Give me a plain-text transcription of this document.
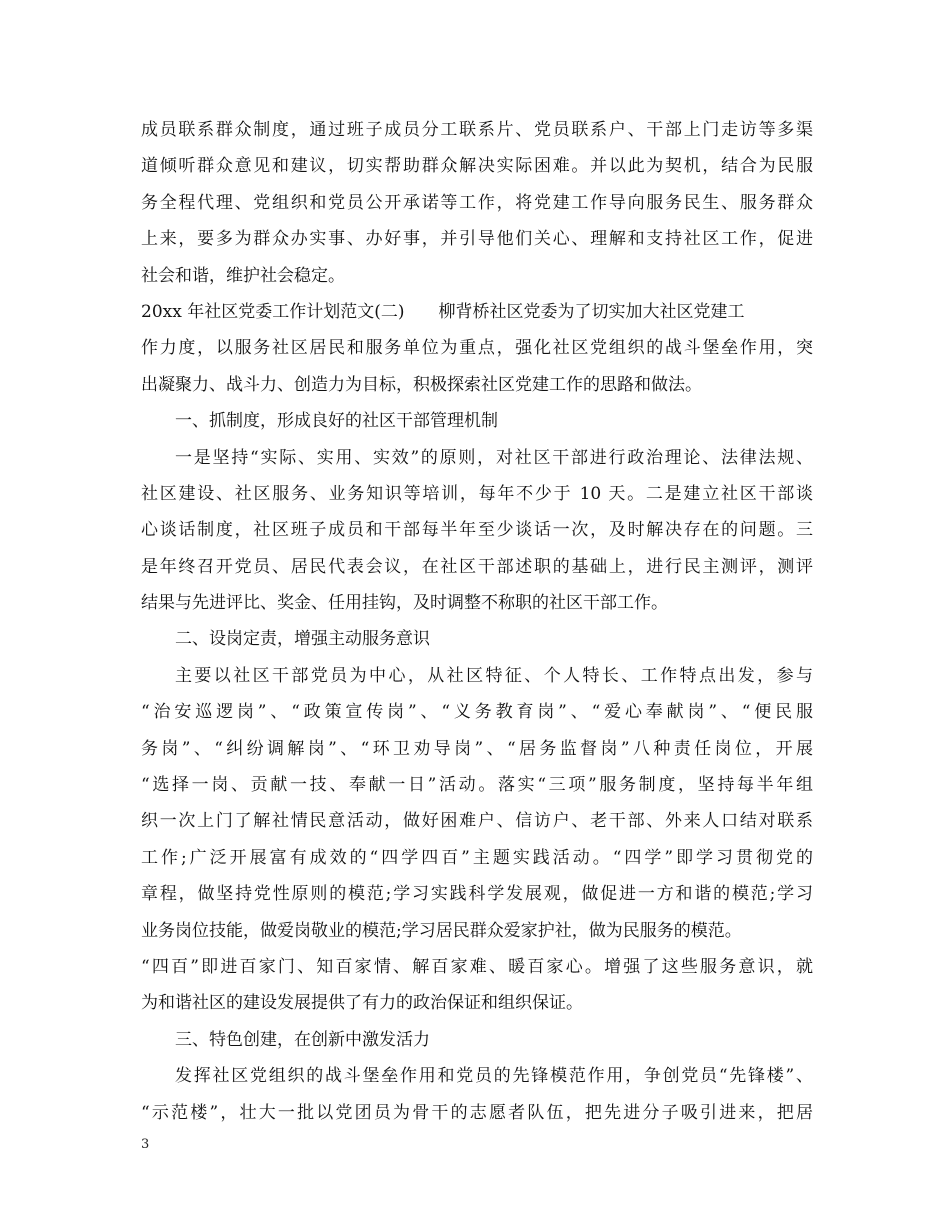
成员联系群众制度，通过班子成员分工联系片、党员联系户、干部上门走访等多渠
道倾听群众意见和建议，切实帮助群众解决实际困难。并以此为契机，结合为民服
务全程代理、党组织和党员公开承诺等工作，将党建工作导向服务民生、服务群众
上来，要多为群众办实事、办好事，并引导他们关心、理解和支持社区工作，促进
社会和谐，维护社会稳定。
20xx 年社区党委工作计划范文(二)　　柳背桥社区党委为了切实加大社区党建工
作力度，以服务社区居民和服务单位为重点，强化社区党组织的战斗堡垒作用，突
出凝聚力、战斗力、创造力为目标，积极探索社区党建工作的思路和做法。
一、抓制度，形成良好的社区干部管理机制
一是坚持“实际、实用、实效”的原则，对社区干部进行政治理论、法律法规、
社区建设、社区服务、业务知识等培训，每年不少于 10 天。二是建立社区干部谈
心谈话制度，社区班子成员和干部每半年至少谈话一次，及时解决存在的问题。三
是年终召开党员、居民代表会议，在社区干部述职的基础上，进行民主测评，测评
结果与先进评比、奖金、任用挂钩，及时调整不称职的社区干部工作。
二、设岗定责，增强主动服务意识
主要以社区干部党员为中心，从社区特征、个人特长、工作特点出发，参与
“治安巡逻岗”、“政策宣传岗”、“义务教育岗”、“爱心奉献岗”、“便民服
务岗”、“纠纷调解岗”、“环卫劝导岗”、“居务监督岗”八种责任岗位，开展
“选择一岗、贡献一技、奉献一日”活动。落实“三项”服务制度，坚持每半年组
织一次上门了解社情民意活动，做好困难户、信访户、老干部、外来人口结对联系
工作;广泛开展富有成效的“四学四百”主题实践活动。“四学”即学习贯彻党的
章程，做坚持党性原则的模范;学习实践科学发展观，做促进一方和谐的模范;学习
业务岗位技能，做爱岗敬业的模范;学习居民群众爱家护社，做为民服务的模范。
“四百”即进百家门、知百家情、解百家难、暖百家心。增强了这些服务意识，就
为和谐社区的建设发展提供了有力的政治保证和组织保证。
三、特色创建，在创新中激发活力
发挥社区党组织的战斗堡垒作用和党员的先锋模范作用，争创党员“先锋楼”、
“示范楼”，壮大一批以党团员为骨干的志愿者队伍，把先进分子吸引进来，把居
3
